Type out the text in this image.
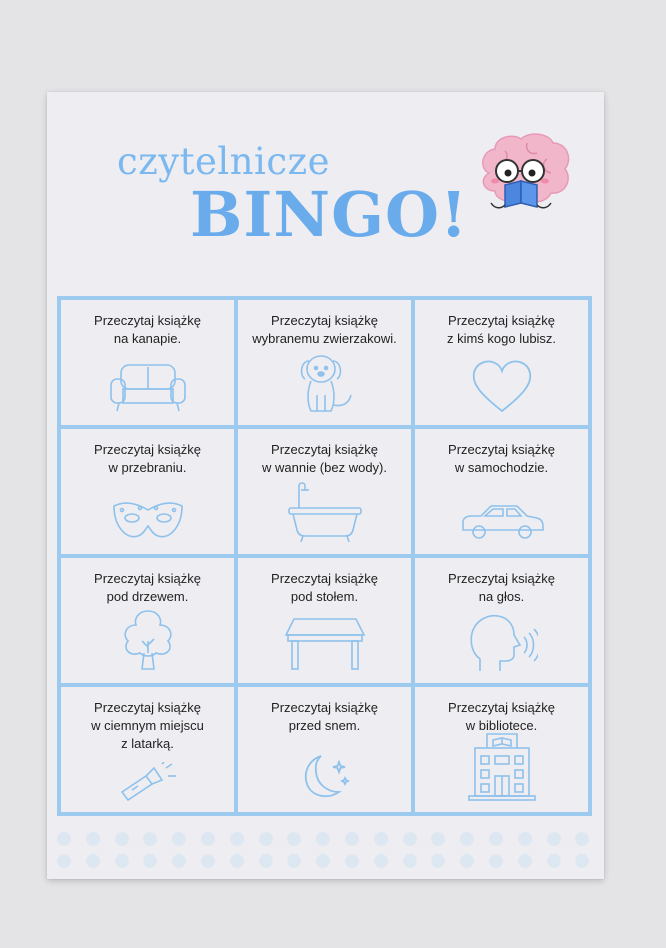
czytelnicze
BINGO!
Przeczytaj książkę
na kanapie.
Przeczytaj książkę
wybranemu zwierzakowi.
Przeczytaj książkę
z kimś kogo lubisz.
Przeczytaj książkę
w przebraniu.
Przeczytaj książkę
w wannie (bez wody).
Przeczytaj książkę
w samochodzie.
Przeczytaj książkę
pod drzewem.
Przeczytaj książkę
pod stołem.
Przeczytaj książkę
na głos.
Przeczytaj książkę
w ciemnym miejscu
z latarką.
Przeczytaj książkę
przed snem.
Przeczytaj książkę
w bibliotece.
